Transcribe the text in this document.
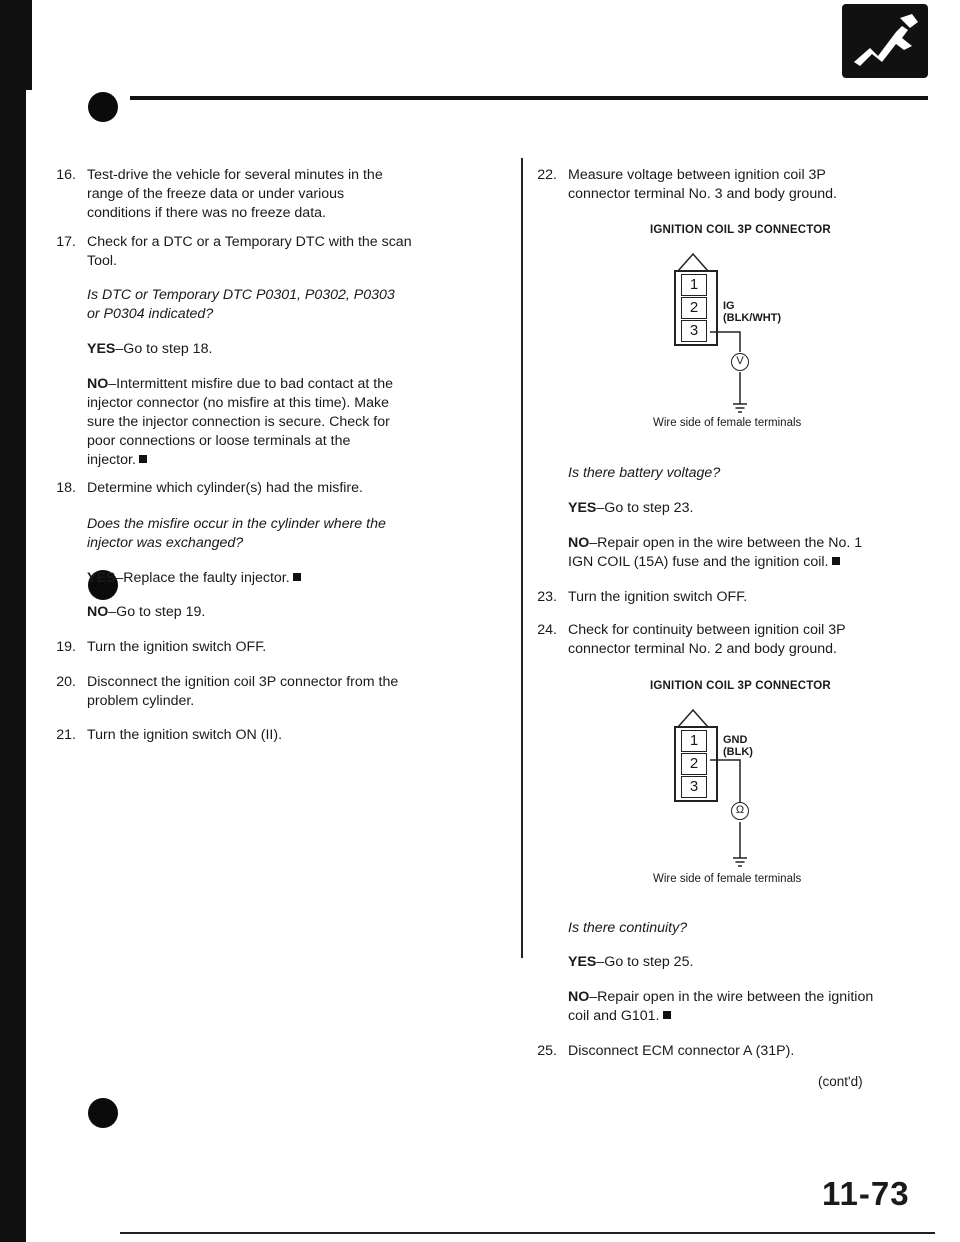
16. Test-drive the vehicle for several minutes in the
range of the freeze data or under various
conditions if there was no freeze data.
17. Check for a DTC or a Temporary DTC with the scan
Tool.
Is DTC or Temporary DTC P0301, P0302, P0303
or P0304 indicated?
YES–Go to step 18.
NO–Intermittent misfire due to bad contact at the
injector connector (no misfire at this time). Make
sure the injector connection is secure. Check for
poor connections or loose terminals at the
injector.
18. Determine which cylinder(s) had the misfire.
Does the misfire occur in the cylinder where the
injector was exchanged?
YES–Replace the faulty injector.
NO–Go to step 19.
19. Turn the ignition switch OFF.
20. Disconnect the ignition coil 3P connector from the
problem cylinder.
21. Turn the ignition switch ON (II).
22. Measure voltage between ignition coil 3P
connector terminal No. 3 and body ground.
IGNITION COIL 3P CONNECTOR
1
2
3
IG
(BLK/WHT)
V
Wire side of female terminals
Is there battery voltage?
YES–Go to step 23.
NO–Repair open in the wire between the No. 1
IGN COIL (15A) fuse and the ignition coil.
23. Turn the ignition switch OFF.
24. Check for continuity between ignition coil 3P
connector terminal No. 2 and body ground.
IGNITION COIL 3P CONNECTOR
1
2
3
GND
(BLK)
Ω
Wire side of female terminals
Is there continuity?
YES–Go to step 25.
NO–Repair open in the wire between the ignition
coil and G101.
25. Disconnect ECM connector A (31P).
(cont'd)
11-73
